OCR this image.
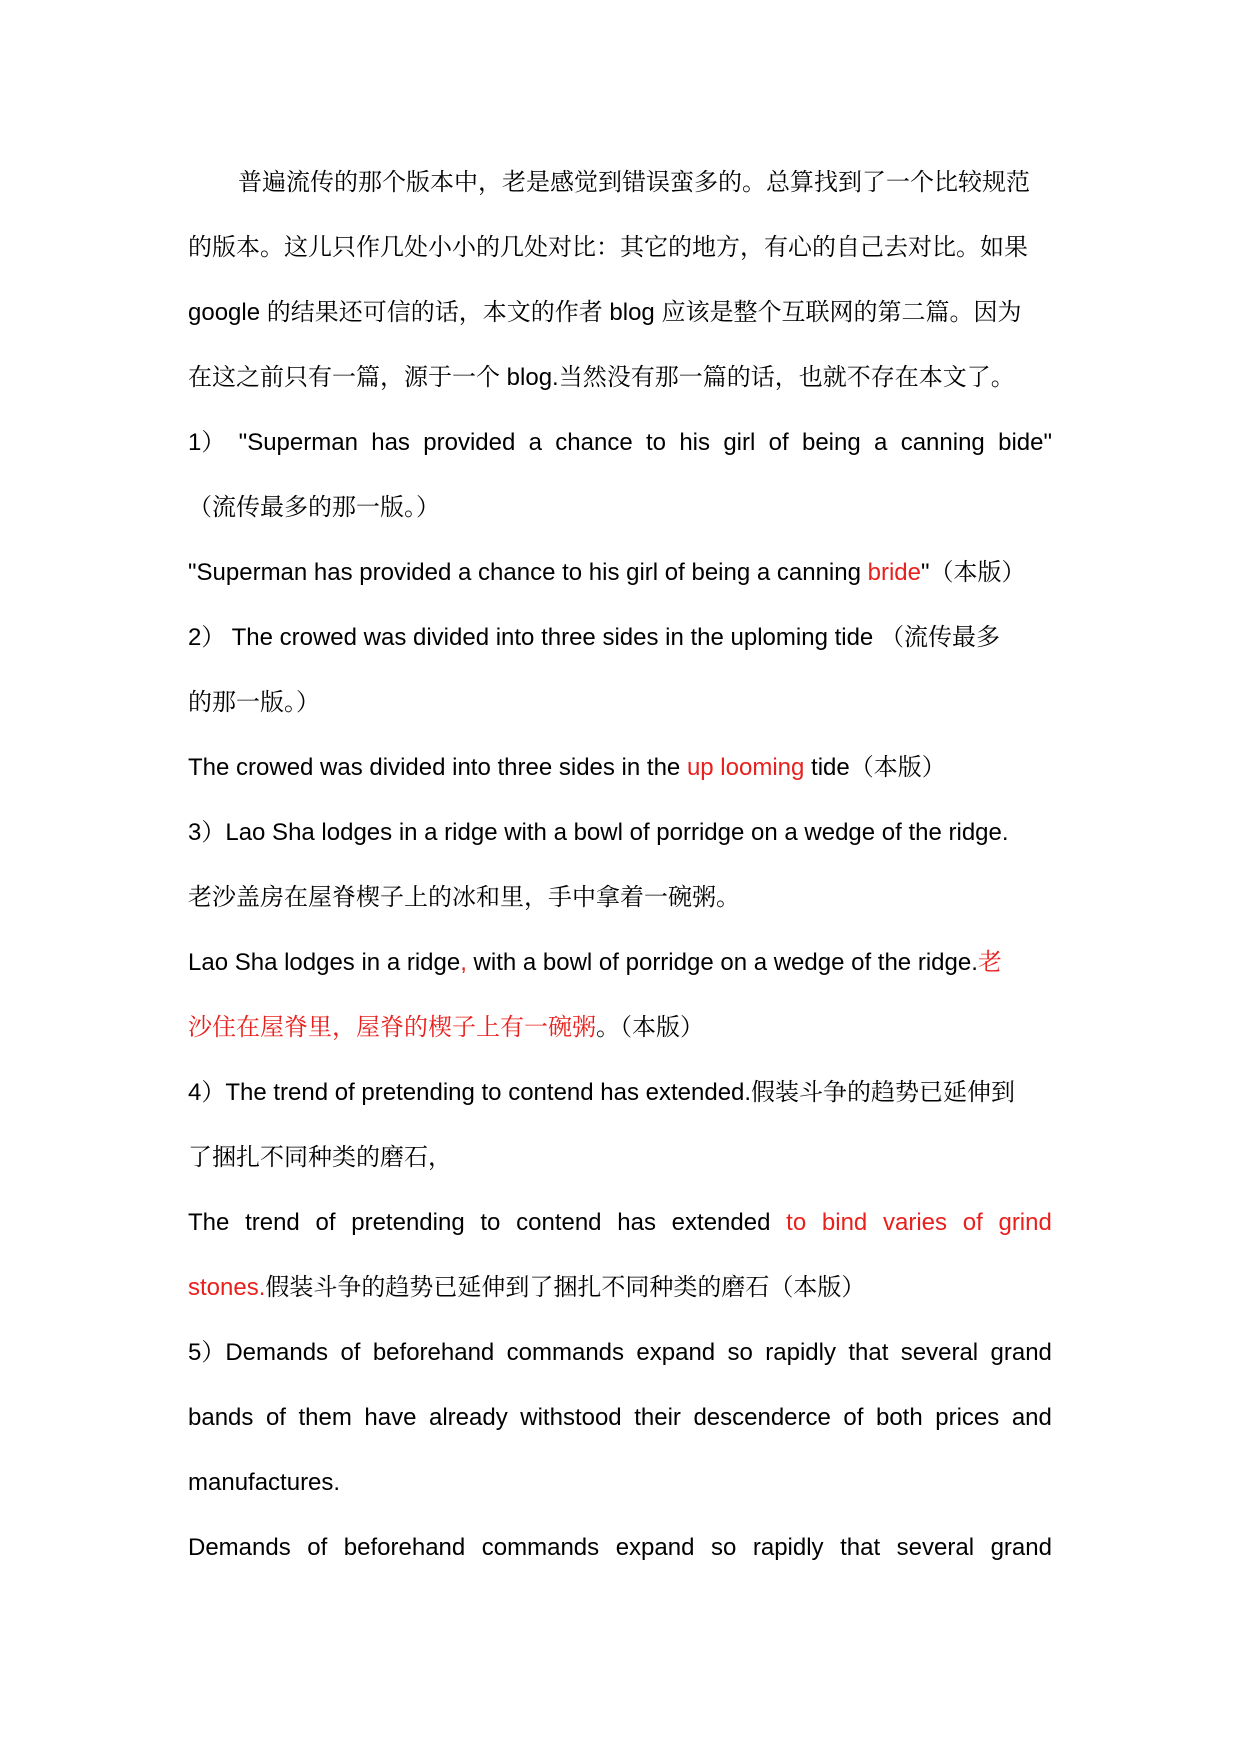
普遍流传的那个版本中，老是感觉到错误蛮多的。总算找到了一个比较规范
的版本。这儿只作几处小小的几处对比：其它的地方，有心的自己去对比。如果
google 的结果还可信的话，本文的作者 blog 应该是整个互联网的第二篇。因为
在这之前只有一篇，源于一个 blog.当然没有那一篇的话，也就不存在本文了。
1） "Superman has provided a chance to his girl of being a canning bide"
（流传最多的那一版。）
"Superman has provided a chance to his girl of being a canning bride"（本版）
2） The crowed was divided into three sides in the uploming tide （流传最多
的那一版。）
The crowed was divided into three sides in the up looming tide（本版）
3）Lao Sha lodges in a ridge with a bowl of porridge on a wedge of the ridge.
老沙盖房在屋脊楔子上的冰和里，手中拿着一碗粥。
Lao Sha lodges in a ridge, with a bowl of porridge on a wedge of the ridge.老
沙住在屋脊里，屋脊的楔子上有一碗粥。（本版）
4）The trend of pretending to contend has extended.假装斗争的趋势已延伸到
了捆扎不同种类的磨石，
The trend of pretending to contend has extended to bind varies of grind
stones.假装斗争的趋势已延伸到了捆扎不同种类的磨石（本版）
5）Demands of beforehand commands expand so rapidly that several grand
bands of them have already withstood their descenderce of both prices and
manufactures.
Demands of beforehand commands expand so rapidly that several grand
